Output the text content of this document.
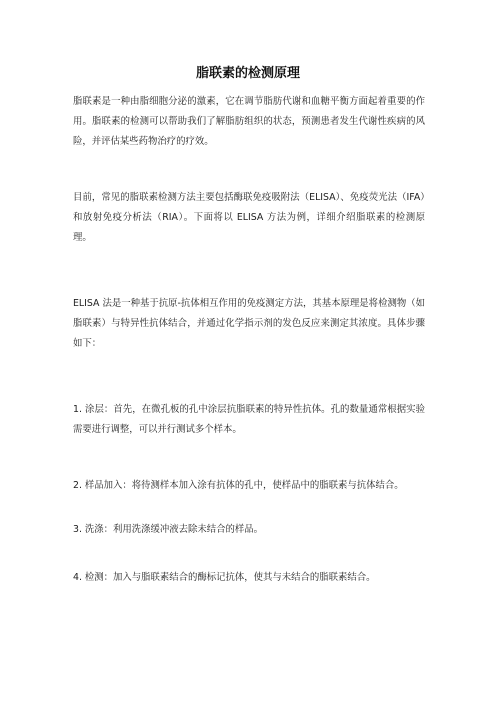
脂联素的检测原理

脂联素是一种由脂细胞分泌的激素，它在调节脂肪代谢和血糖平衡方面起着重要的作用。脂联素的检测可以帮助我们了解脂肪组织的状态，预测患者发生代谢性疾病的风险，并评估某些药物治疗的疗效。

目前，常见的脂联素检测方法主要包括酶联免疫吸附法（ELISA）、免疫荧光法（IFA）和放射免疫分析法（RIA）。下面将以 ELISA 方法为例，详细介绍脂联素的检测原理。

ELISA 法是一种基于抗原-抗体相互作用的免疫测定方法，其基本原理是将检测物（如脂联素）与特异性抗体结合，并通过化学指示剂的发色反应来测定其浓度。具体步骤如下：

1. 涂层：首先，在微孔板的孔中涂层抗脂联素的特异性抗体。孔的数量通常根据实验需要进行调整，可以并行测试多个样本。

2. 样品加入：将待测样本加入涂有抗体的孔中，使样品中的脂联素与抗体结合。

3. 洗涤：利用洗涤缓冲液去除未结合的样品。

4. 检测：加入与脂联素结合的酶标记抗体，使其与未结合的脂联素结合。
